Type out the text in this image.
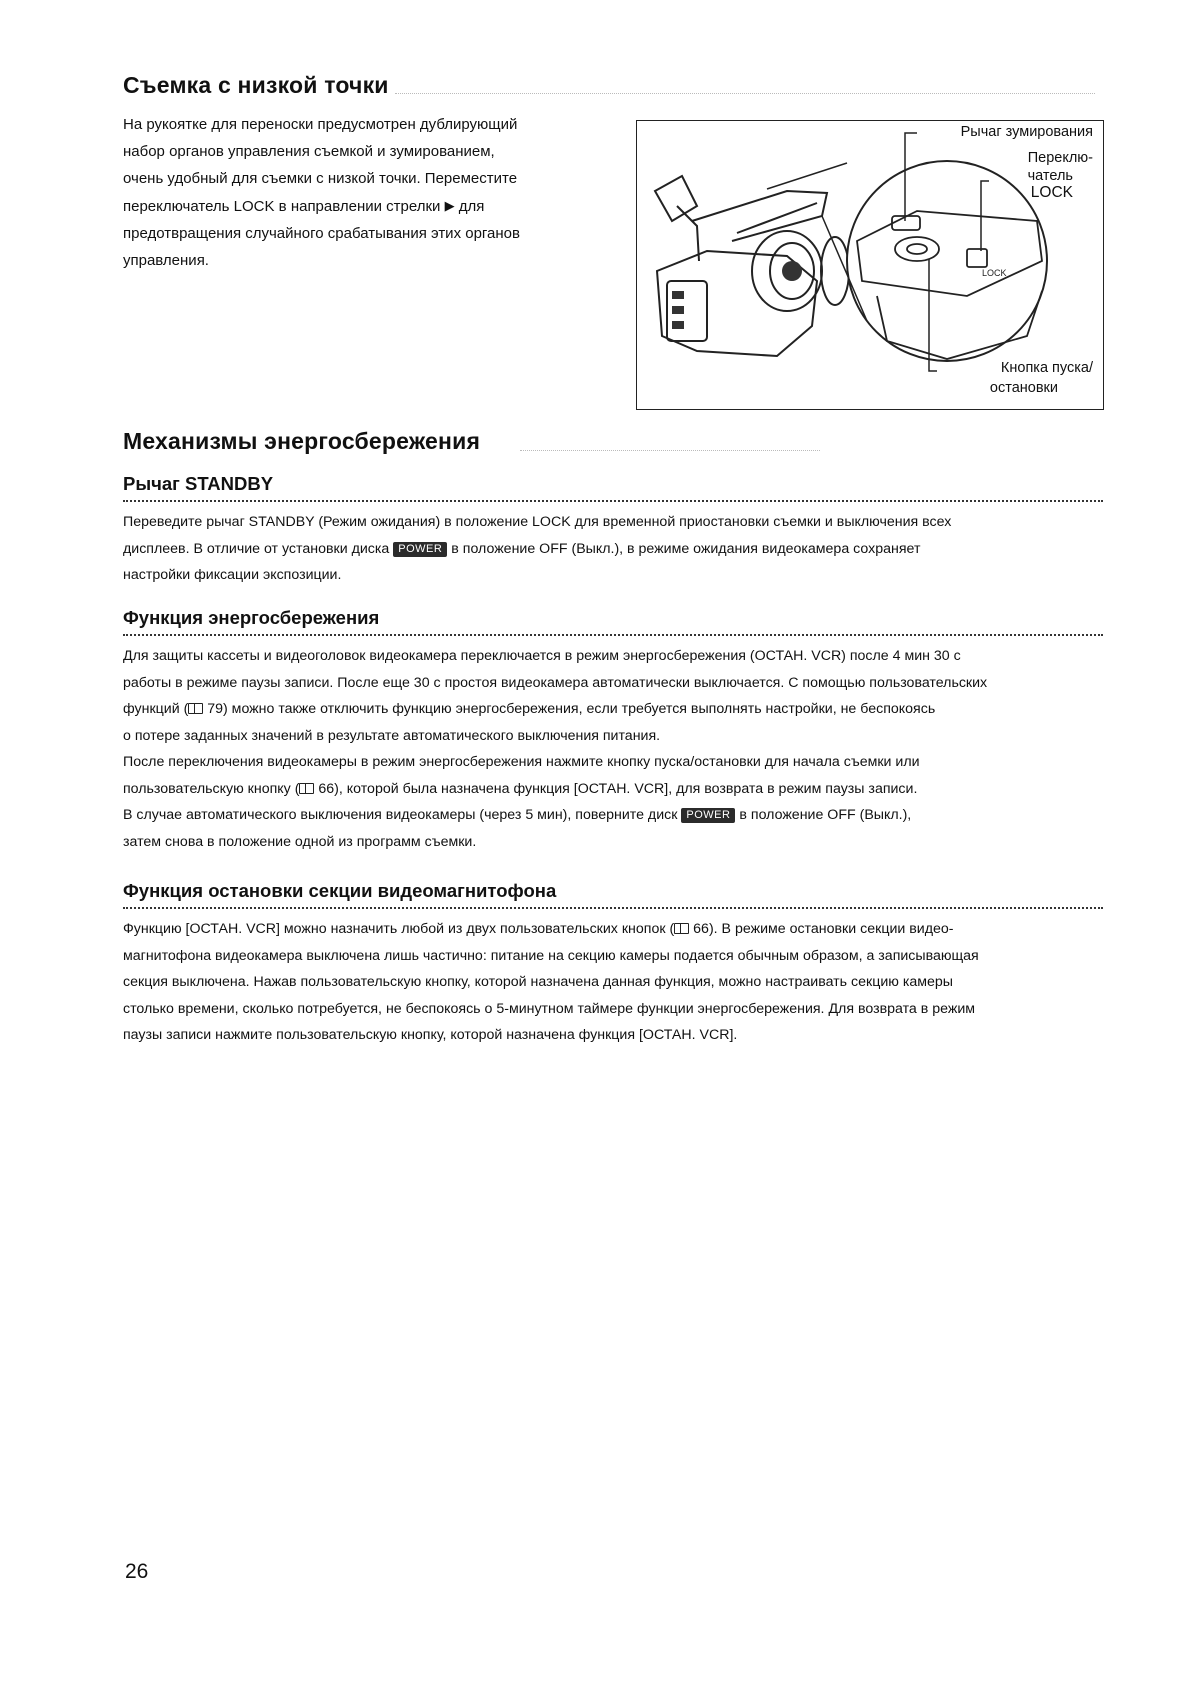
Съемка с низкой точки

На рукоятке для переноски предусмотрен дублирующий
набор органов управления съемкой и зумированием,
очень удобный для съемки с низкой точки. Переместите
переключатель LOCK в направлении стрелки ▶ для
предотвращения случайного срабатывания этих органов
управления.

LOCK
Рычаг зумирования
Переклю-
чатель
LOCK
Кнопка пуска/
остановки
Механизмы энергосбережения
Рычаг STANDBY

Переведите рычаг STANDBY (Режим ожидания) в положение LOCK для временной приостановки съемки и выключения всех
дисплеев. В отличие от установки диска POWER в положение OFF (Выкл.), в режиме ожидания видеокамера сохраняет
настройки фиксации экспозиции.

Функция энергосбережения

Для защиты кассеты и видеоголовок видеокамера переключается в режим энергосбережения (ОСТАН. VCR) после 4 мин 30 с
работы в режиме паузы записи. После еще 30 с простоя видеокамера автоматически выключается. С помощью пользовательских
функций ( 79) можно также отключить функцию энергосбережения, если требуется выполнять настройки, не беспокоясь
о потере заданных значений в результате автоматического выключения питания.
После переключения видеокамеры в режим энергосбережения нажмите кнопку пуска/остановки для начала съемки или
пользовательскую кнопку ( 66), которой была назначена функция [ОСТАН. VCR], для возврата в режим паузы записи.
В случае автоматического выключения видеокамеры (через 5 мин), поверните диск POWER в положение OFF (Выкл.),
затем снова в положение одной из программ съемки.

Функция остановки секции видеомагнитофона

Функцию [ОСТАН. VCR] можно назначить любой из двух пользовательских кнопок ( 66). В режиме остановки секции видео-
магнитофона видеокамера выключена лишь частично: питание на секцию камеры подается обычным образом, а записывающая
секция выключена. Нажав пользовательскую кнопку, которой назначена данная функция, можно настраивать секцию камеры
столько времени, сколько потребуется, не беспокоясь о 5-минутном таймере функции энергосбережения. Для возврата в режим
паузы записи нажмите пользовательскую кнопку, которой назначена функция [ОСТАН. VCR].

26
